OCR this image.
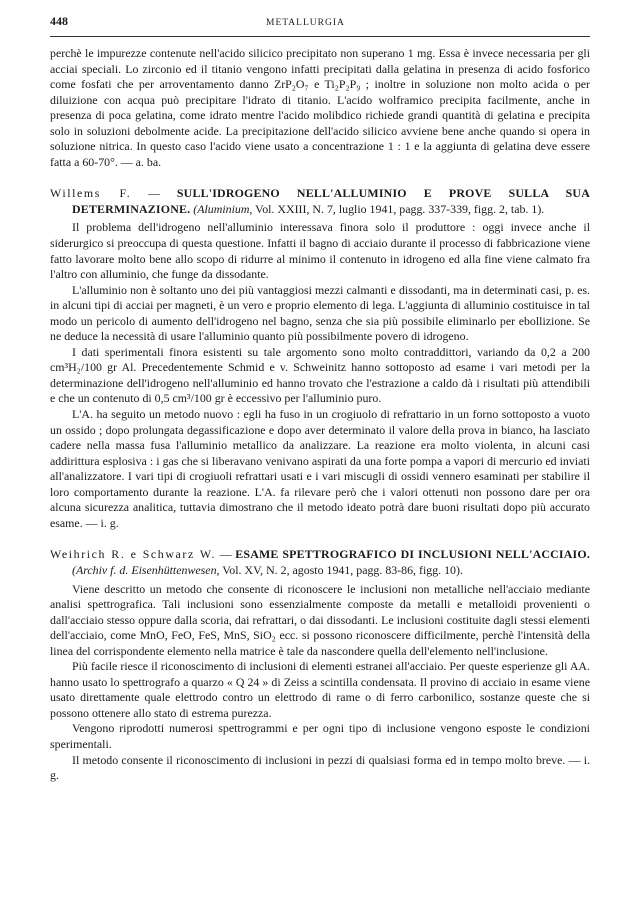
448	METALLURGIA

perchè le impurezze contenute nell'acido silicico precipitato non superano 1 mg. Essa è invece necessaria per gli acciai speciali. Lo zirconio ed il titanio vengono infatti precipitati dalla gelatina in presenza di acido fosforico come fosfati che per arroventamento danno ZrP₂O₇ e Ti₂P₂P₉ ; inoltre in soluzione non molto acida o per diluizione con acqua può precipitare l'idrato di titanio. L'acido wolframico precipita facilmente, anche in presenza di poca gelatina, come idrato mentre l'acido molibdico richiede grandi quantità di gelatina e precipita solo in soluzioni debolmente acide. La precipitazione dell'acido silicico avviene bene anche quando si opera in soluzione nitrica. In questo caso l'acido viene usato a concentrazione 1 : 1 e la aggiunta di gelatina deve essere fatta a 60-70°. — a. ba.

Willems F. — SULL'IDROGENO NELL'ALLUMINIO E PROVE SULLA SUA DETERMINAZIONE. (Aluminium, Vol. XXIII, N. 7, luglio 1941, pagg. 337-339, figg. 2, tab. 1).

Il problema dell'idrogeno nell'alluminio interessava finora solo il produttore : oggi invece anche il siderurgico si preoccupa di questa questione. Infatti il bagno di acciaio durante il processo di fabbricazione viene fatto lavorare molto bene allo scopo di ridurre al minimo il contenuto in idrogeno ed alla fine viene calmato fra l'altro con alluminio, che funge da dissodante.

L'alluminio non è soltanto uno dei più vantaggiosi mezzi calmanti e dissodanti, ma in determinati casi, p. es. in alcuni tipi di acciai per magneti, è un vero e proprio elemento di lega. L'aggiunta di alluminio costituisce in tal modo un pericolo di aumento dell'idrogeno nel bagno, senza che sia più possibile eliminarlo per ebollizione. Se ne deduce la necessità di usare l'alluminio quanto più possibilmente povero di idrogeno.

I dati sperimentali finora esistenti su tale argomento sono molto contraddittori, variando da 0,2 a 200 cm³H₂/100 gr Al. Precedentemente Schmid e v. Schweinitz hanno sottoposto ad esame i vari metodi per la determinazione dell'idrogeno nell'alluminio ed hanno trovato che l'estrazione a caldo dà i risultati più attendibili e che un contenuto di 0,5 cm³/100 gr è eccessivo per l'alluminio puro.

L'A. ha seguito un metodo nuovo : egli ha fuso in un crogiuolo di refrattario in un forno sottoposto a vuoto un ossido ; dopo prolungata degassificazione e dopo aver determinato il valore della prova in bianco, ha lasciato cadere nella massa fusa l'alluminio metallico da analizzare. La reazione era molto violenta, in alcuni casi addirittura esplosiva : i gas che si liberavano venivano aspirati da una forte pompa a vapori di mercurio ed inviati all'analizzatore. I vari tipi di crogiuoli refrattari usati e i vari miscugli di ossidi vennero esaminati per stabilire il loro comportamento durante la reazione. L'A. fa rilevare però che i valori ottenuti non possono dare per ora alcuna sicurezza analitica, tuttavia dimostrano che il metodo ideato potrà dare buoni risultati dopo più accurato esame. — i. g.

Weihrich R. e Schwarz W. — ESAME SPETTROGRAFICO DI INCLUSIONI NELL'ACCIAIO. (Archiv f. d. Eisenhüttenwesen, Vol. XV, N. 2, agosto 1941, pagg. 83-86, figg. 10).

Viene descritto un metodo che consente di riconoscere le inclusioni non metalliche nell'acciaio mediante analisi spettrografica. Tali inclusioni sono essenzialmente composte da metalli e metalloidi provenienti o dall'acciaio stesso oppure dalla scoria, dai refrattari, o dai dissodanti. Le inclusioni costituite dagli stessi elementi dell'acciaio, come MnO, FeO, FeS, MnS, SiO₂ ecc. si possono riconoscere difficilmente, perchè l'intensità della linea del corrispondente elemento nella matrice è tale da nascondere quella dell'elemento nell'inclusione.

Più facile riesce il riconoscimento di inclusioni di elementi estranei all'acciaio. Per queste esperienze gli AA. hanno usato lo spettrografo a quarzo « Q 24 » di Zeiss a scintilla condensata. Il provino di acciaio in esame viene usato direttamente quale elettrodo contro un elettrodo di rame o di ferro carbonilico, sostanze queste che si possono ottenere allo stato di estrema purezza.

Vengono riprodotti numerosi spettrogrammi e per ogni tipo di inclusione vengono esposte le condizioni sperimentali.

Il metodo consente il riconoscimento di inclusioni in pezzi di qualsiasi forma ed in tempo molto breve. — i. g.
